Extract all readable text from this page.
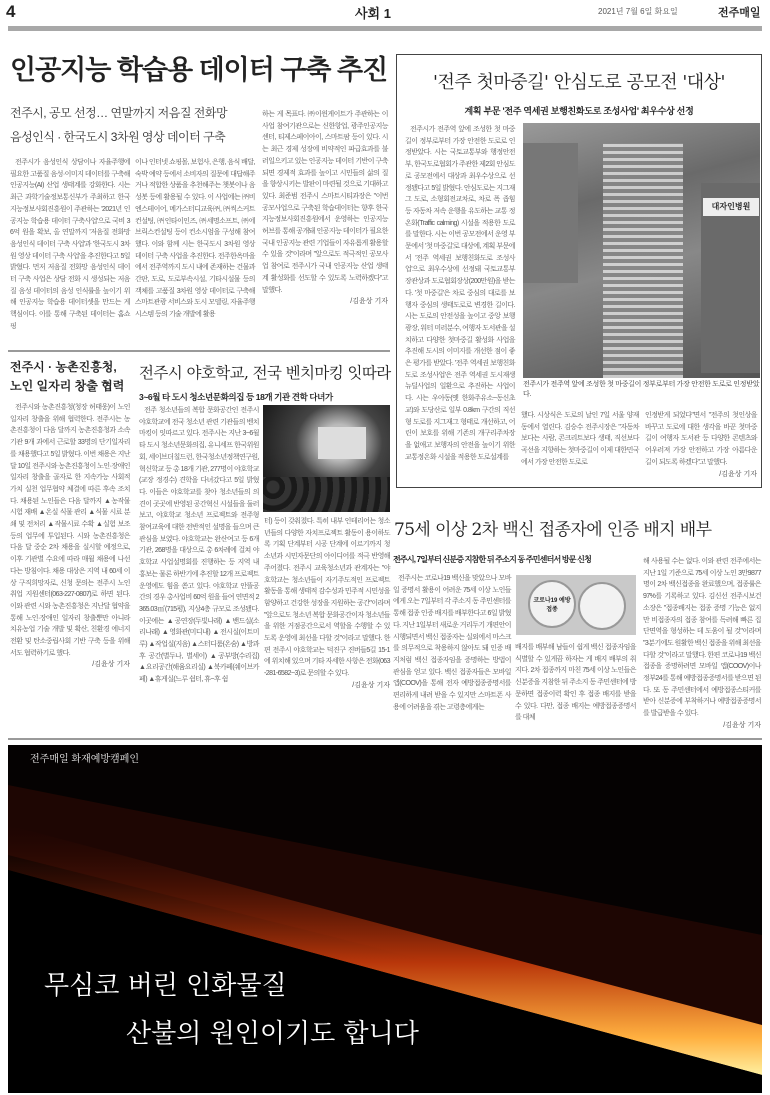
4	사회 1	2021년 7월 6일 화요일	전주매일
인공지능 학습용 데이터 구축 추진
전주시, 공모 선정… 연말까지 저음질 전화망
음성인식 · 한국도시 3차원 영상 데이터 구축

전주시가 음성인식 상담이나 자율주행에 필요한 고품질 음성·이미지 데이터를 구축해 인공지능(AI) 산업 생태계를 강화한다. 시는 최근 과학기술정보통신부가 주최하고 한국지능정보사회진흥원이 주관하는 '2021년 인공지능 학습용 데이터 구축사업'으로 국비 36억 원을 확보, 올 연말까지 '저음질 전화망 음성인식 데이터 구축 사업'과 '한국도시 3차원 영상 데이터 구축 사업'을 추진한다고 5일 밝혔다. 먼저 저음질 전화망 음성인식 데이터 구축 사업은 상담 전화 시 생성되는 저음질 음성 데이터의 음성 인식률을 높이기 위해 인공지능 학습용 데이터셋을 만드는 게 핵심이다. 이를 통해 구축된 데이터는 홈쇼핑

이나 인터넷 쇼핑몰, 보험사, 은행, 음식 배달, 숙박 예약 등에서 소비자의 질문에 대답해주거나 적합한 상품을 추천해주는 챗봇이나 음성봇 등에 활용될 수 있다. 이 사업에는 ㈜비엔스테이어, 메가스터디교육㈜, ㈜씩스커트컨설팅, ㈜인타이인즈, ㈜세명소프트, ㈜에브릭스컨설팅 등이 컨소시엄을 구성해 참여했다. 이와 함께 시는 한국도시 3차원 영상 데이터 구축 사업을 추진한다. 전주한옥마을에서 전주역까지 도시 내에 존재하는 건물과 간판, 도로, 도로부속시설, 기타시설물 등의 객체를 고품질 3차원 영상 데이터로 구축해 스마트관광 서비스와 도시 모델링, 자율주행 시스템 등의 기술 개발에 활용

하는 게 목표다. ㈜이윈게이트가 주관하는 이 사업 참여기관으로는 신한항업, 광주인공지능센터, 티제스페이아이, 스마트팜 등이 있다. 시는 최근 경제 성장에 비약적인 파급효과를 불러일으키고 있는 인공지능 데이터 기반이 구축되면 경제적 효과를 높이고 시민들의 삶의 질을 향상시키는 발판이 마련될 것으로 기대하고 있다. 최준범 전주시 스마트시티과장은 "이번 공모사업으로 구축된 학습데이터는 향후 한국지능정보사회진흥원에서 운영하는 인공지능허브를 통해 공개돼 인공지능 데이터가 필요한 국내 인공지능 관련 기업들이 자유롭게 활용할 수 있을 것"이라며 "앞으로도 적극적인 공모사업 참여로 전주시가 국내 인공지능 산업 생태계 활성화를 선도할 수 있도록 노력하겠다"고 말했다.

/김윤상 기자

'전주 첫마중길' 안심도로 공모전 '대상'
계획 부문 '전주 역세권 보행친화도로 조성사업' 최우수상 선정

전주시가 전주역 앞에 조성한 첫 마중길이 정부로부터 가장 안전한 도로로 인정받았다. 시는 국토교통부와 행정안전부, 한국도로협회가 주관한 제2회 안심도로 공모전에서 대상과 최우수상으로 선정됐다고 5일 밝혔다. 안심도로는 지그재그 도로, 소형회전교차로, 차로 폭 좁힘 등 자동차 저속 운행을 유도하는 교통 정온화(Traffic calming) 시설을 적용한 도로를 말한다. 시는 이번 공모전에서 운영 부문에서 '첫 마중길'로 대상에, 계획 부문에서 '전주 역세권 보행친화도로 조성사업'으로 최우수상에 선정돼 국토교통부장관상과 도로협회장상(200만원)을 받는다. '첫 마중길'은 차로 중심의 대로를 보행자 중심의 생태도로로 변경한 길이다. 시는 도로의 안전성을 높이고 중앙 보행광장, 워터 미러분수, 여행자 도서관을 설치하고 다양한 첫마중길 활성화 사업을 추진해 도시의 이미지를 개선한 점이 좋은 평가를 받았다. '전주 역세권 보행친화도로 조성사업'은 전주 역세권 도시재생 뉴딜사업의 일환으로 추진하는 사업이다. 시는 우아동(옛 한화주유소~동신초교)와 도당산로 일부 0.8km 구간의 직선형 도로를 지그재그 형태로 개선하고, 어린이 보호를 위해 기존의 개구리주차장을 없애고 보행자의 안전을 높이기 위한 교통정온화 시설을 적용한 도로설계를

대자인병원
전주시가 전주역 앞에 조성한 첫 마중길이 정부로부터 가장 안전한 도로로 인정받았다.

했다. 시상식은 도로의 날인 7일 서울 양재동에서 열린다. 김승수 전주시장은 "자동차보다는 사람, 콘크리트보다 생태, 직선보다 곡선을 지향하는 첫마중길이 이제 대한민국에서 가장 안전한 도로로

인정받게 되었다"면서 "전주의 첫인상을 바꾸고 도로에 대한 생각을 바꾼 첫마중길이 여행자 도서관 등 다양한 콘텐츠와 어우러져 가장 안전하고 가장 아름다운 길이 되도록 하겠다"고 말했다.

/김윤상 기자

전주시 · 농촌진흥청,
노인 일자리 창출 협력

전주시와 농촌진흥청(청장 허태웅)이 노인 일자리 창출을 위해 협력한다. 전주시는 농촌진흥청이 다음 달까지 농촌진흥청과 소속 기관 9개 과에서 근로할 33명의 단기일자리를 채용했다고 5일 밝혔다. 이번 채용은 지난달 10일 전주시와 농촌진흥청이 노인·장애인 일자리 창출을 골자로 한 지속가능 사회적 가치 실천 업무협약 체결에 따른 후속 조치다. 채용된 노인들은 다음 달까지 ▲농작물 시험 재배 ▲온실 식물 관리 ▲식물 시료 분쇄 및 전처리 ▲작물시료 수확 ▲실험 보조 등의 업무에 투입된다. 시와 농촌진흥청은 다음 달 중순 2차 채용을 실시할 예정으로, 이후 기관별 수요에 따라 매월 채용에 나선다는 방침이다. 채용 대상은 지역 내 60세 이상 구직희망자로, 신청 문의는 전주시 노인취업 지원센터(063-227-0807)로 하면 된다. 이와 관련 시와 농촌진흥청은 지난달 협약을 통해 노인·장애인 일자리 창출뿐만 아니라 치유농업 기술 개발 및 확산, 친환경 에너지 전환 및 탄소중립사회 기반 구축 등을 위해서도 협력하기로 했다.

/김윤상 기자

전주시 야호학교, 전국 벤치마킹 잇따라
3~6월 타 도시 청소년문화의집 등 18개 기관 견학 다녀가

전주 청소년들의 복합 문화공간인 전주시 야호학교에 전국 청소년 관련 기관들의 벤치마킹이 잇따르고 있다. 전주시는 지난 3~6월 타 도시 청소년문화의집, 유니세프 한국위원회, 세이브더칠드런, 한국청소년정책연구원, 혁신학교 등 총 18개 기관, 277명이 야호학교(교장 정경수) 견학을 다녀갔다고 5일 밝혔다. 이들은 야호학교를 찾아 청소년들의 의견이 곳곳에 반영된 공간혁신 시설들을 둘러보고, 야호학교 청소년 프로젝트와 전주형 참여교육에 대한 전반적인 설명을 들으며 큰 관심을 보였다. 야호학교는 완산여고 등 6개 기관, 268명을 대상으로 총 6차례에 걸쳐 야호학교 사업설명회를 진행하는 등 지역 내 홍보는 물론 하반기에 추진할 12개 프로젝트 운영에도 힘을 쏟고 있다. 야호학교 안뜰공간의 경우 총사업비 60억 원을 들여 연면적 2365.03㎡(715평), 지상4층 규모로 조성됐다. 이곳에는 ▲공연장(두빛나래) ▲밴드실(소리나래) ▲영화관(미디내) ▲전시실(이트미루) ▲작업실(지음) ▲스터디룸(온숨) ▲방과후 공간(별두나, 별세이) ▲공부방(수리집) ▲요리공간(해윰요리실) ▲북카페(쉐이브카페) ▲휴게실(느루 쉼터, 휴~후 쉼

터) 등이 갖춰졌다. 특히 내부 인테리어는 청소년들의 다양한 자치프로젝트 활동이 용이하도록 기획 단계부터 시공 단계에 이르기까지 청소년과 시민자문단의 아이디어를 적극 반영해 주어졌다. 전주시 교육청소년과 관계자는 "야호학교는 청소년들이 자기주도적인 프로젝트 활동을 통해 생태적 감수성과 민주적 시민성을 함양하고 건강한 성장을 지원하는 공간"이라며 "앞으로도 청소년 복합 문화공간이자 청소년들을 위한 거점공간으로서 역할을 수행할 수 있도록 운영에 최선을 다할 것"이라고 말했다. 한편 전주시 야호학교는 덕진구 진버들5길 15-1에 위치해 있으며 기타 자세한 사항은 전화(063-281-6582~3)로 문의할 수 있다.

/김윤상 기자

75세 이상 2차 백신 접종자에 인증 배지 배부
전주시, 7일부터 신분증 지참한 뒤 주소지 동 주민센터서 방문 신청

전주시는 코로나19 백신을 맞았으나 모바일 증명서 활용이 어려운 75세 이상 노인들에게 오는 7일부터 각 주소지 동 주민센터를 통해 접종 인증 배지를 배부한다고 6일 밝혔다. 지난 1일부터 새로운 거리두기 개편안이 시행되면서 백신 접종자는 실외에서 마스크를 의무적으로 착용하지 않아도 돼 인증 배지처럼 백신 접종자임을 증명하는 방법이 관심을 얻고 있다. 백신 접종자들은 모바일 앱(COOV)을 통해 전자 예방접종증명서를 편리하게 내려 받을 수 있지만 스마트폰 사용에 어려움을 겪는 고령층에게는

코로나19 예방접종

배지를 배부해 남들이 쉽게 백신 접종자임을 식별할 수 있게끔 하자는 게 배지 배부의 취지다. 2차 접종까지 마친 75세 이상 노인들은 신분증을 지참한 뒤 주소지 동 주민센터에 방문하면 접종이력 확인 후 접종 배지를 받을 수 있다. 다만, 접종 배지는 예방접종증명서를 대체

해 사용될 수는 없다. 이와 관련 전주에서는 지난 1일 기준으로 75세 이상 노인 3만9877명이 2차 백신접종을 완료했으며, 접종률은 97%를 기록하고 있다. 김신선 전주시보건소장은 "접종배지는 접종 증명 기능은 없지만 비접종자의 접종 참여를 독려해 빠른 집단면역을 형성하는 데 도움이 될 것"이라며 "3분기에도 원활한 백신 접종을 위해 최선을 다할 것"이라고 말했다. 한편 코로나19 백신접종을 증명하려면 모바일 앱(COOV)이나 정부24를 통해 예방접종증명서를 받으면 된다. 또 동 주민센터에서 예방접종스티커를 받아 신분증에 부착하거나 예방접종증명서를 발급받을 수 있다.

/김윤상 기자

전주매일 화재예방캠페인
무심코 버린 인화물질
산불의 원인이기도 합니다
